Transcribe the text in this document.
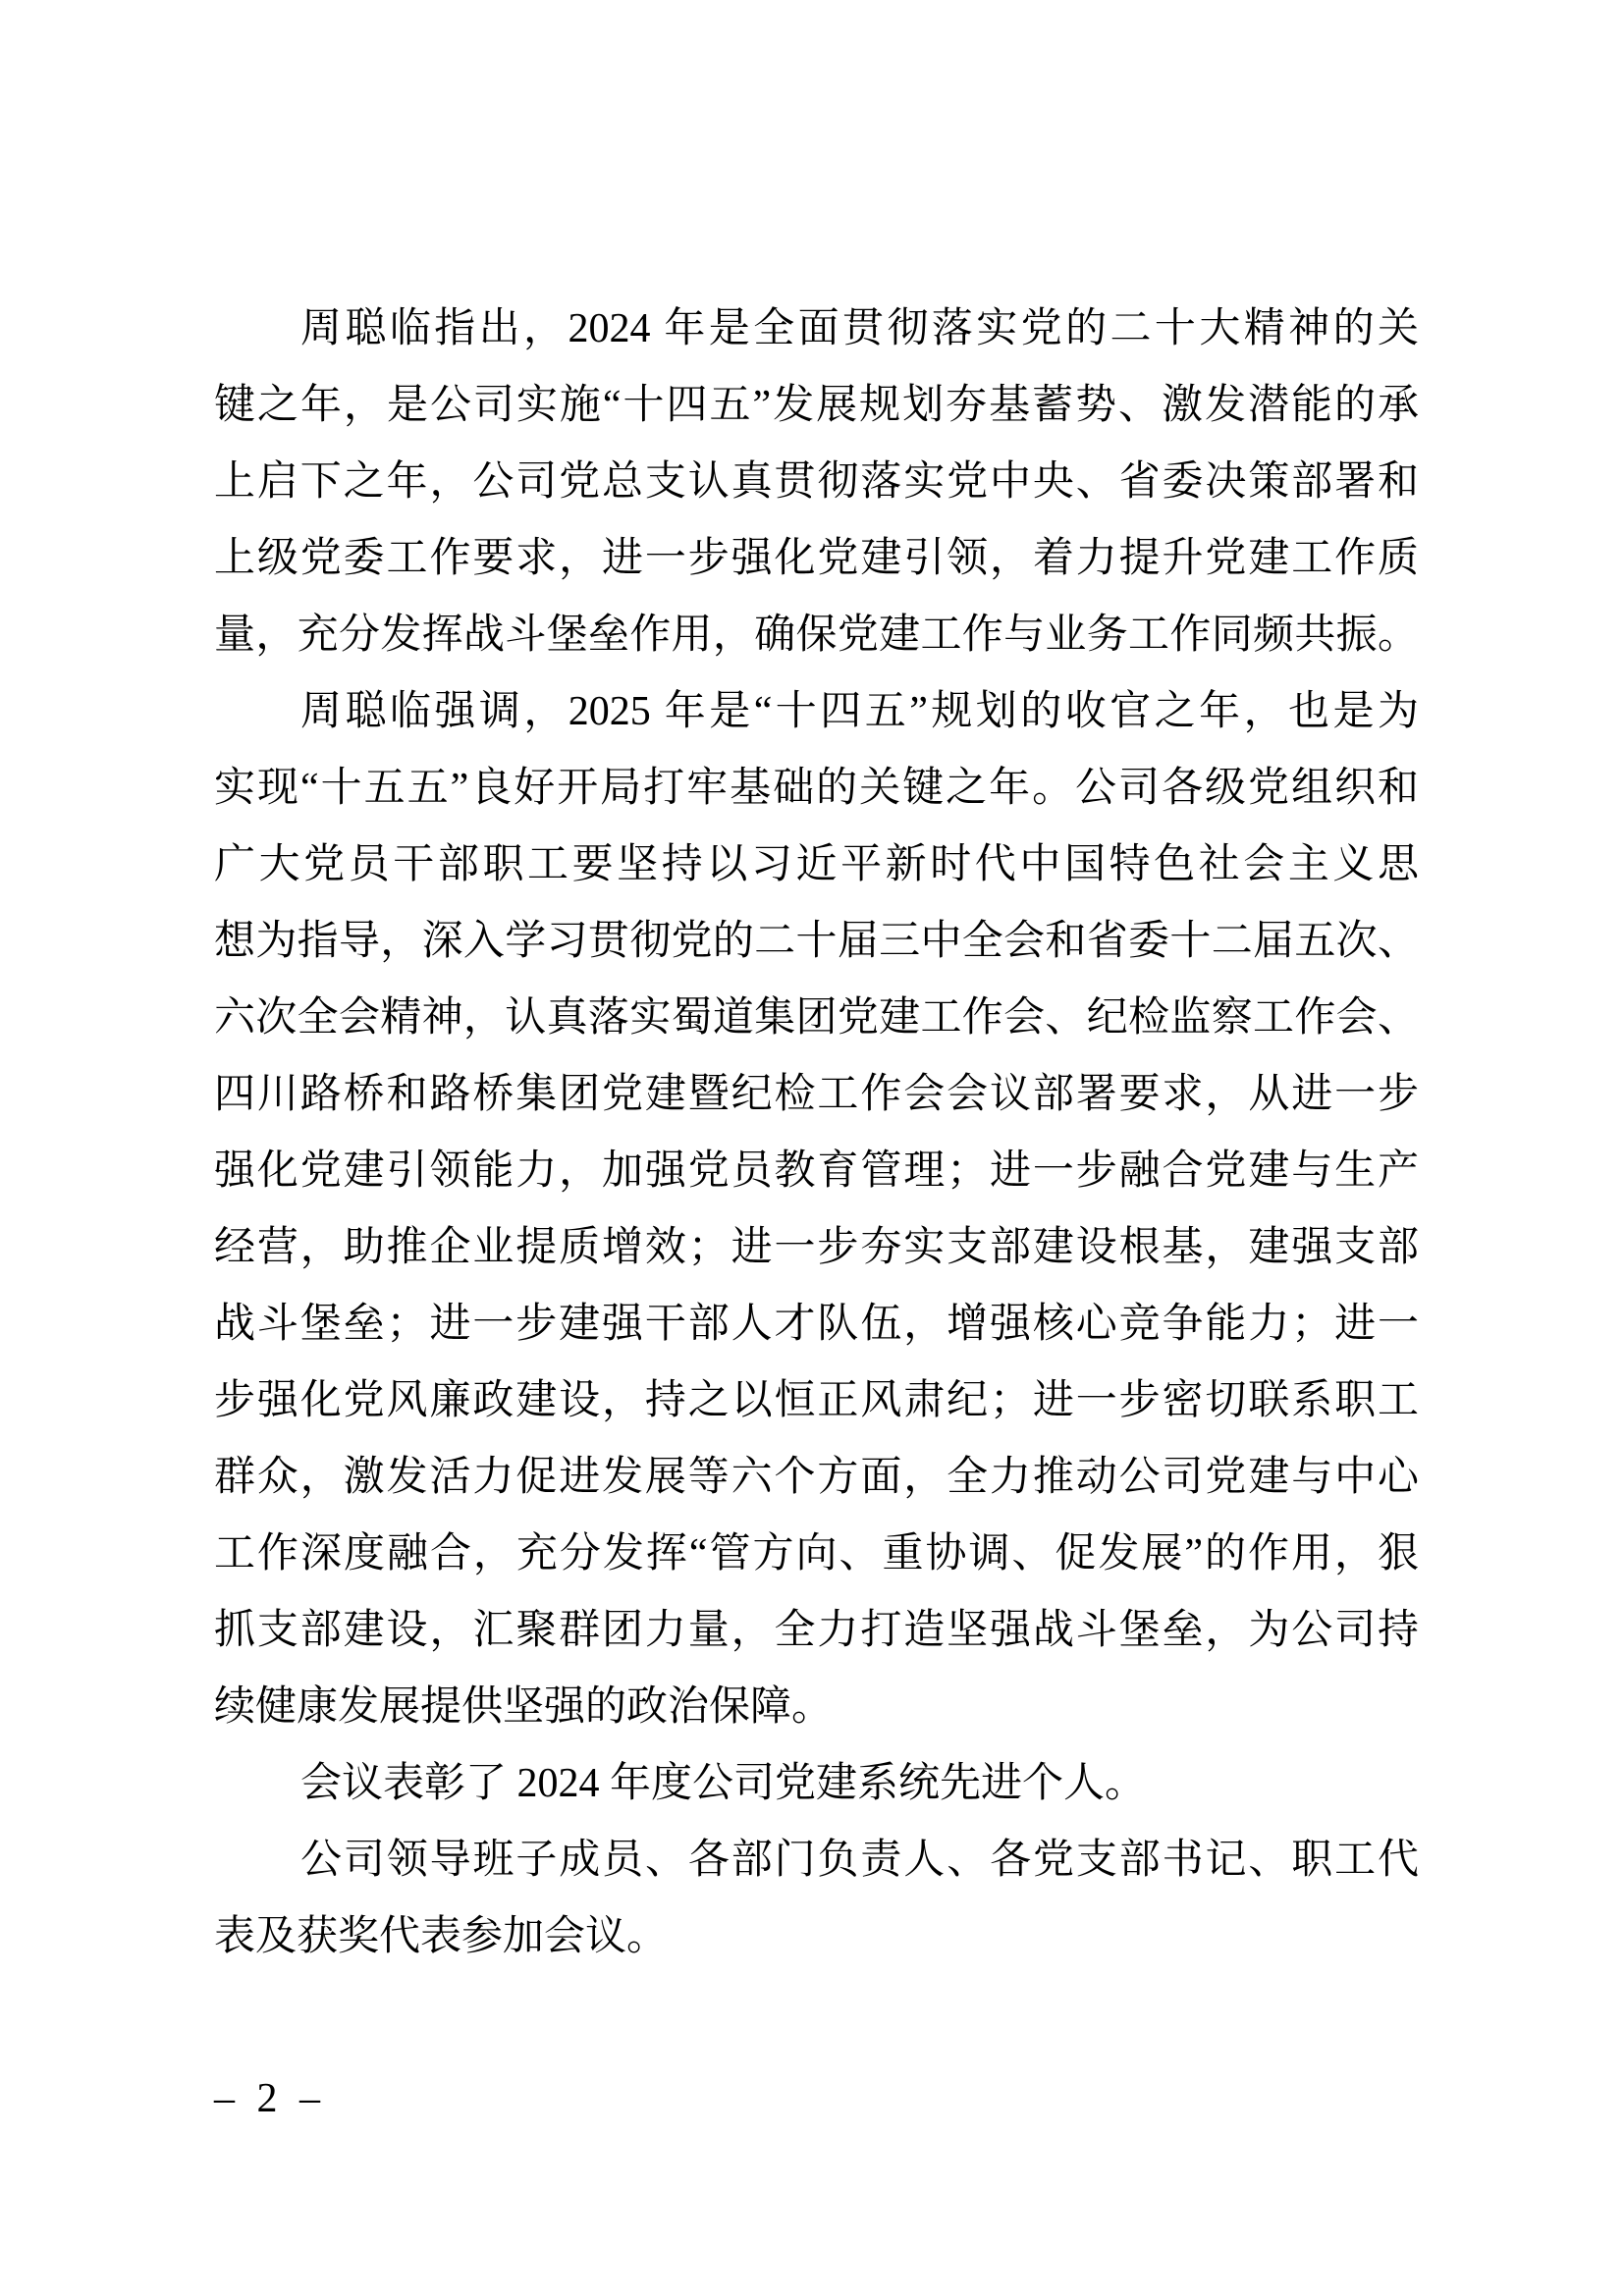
周聪临指出，2024 年是全面贯彻落实党的二十大精神的关
键之年，是公司实施“十四五”发展规划夯基蓄势、激发潜能的承
上启下之年，公司党总支认真贯彻落实党中央、省委决策部署和
上级党委工作要求，进一步强化党建引领，着力提升党建工作质
量，充分发挥战斗堡垒作用，确保党建工作与业务工作同频共振。
周聪临强调，2025 年是“十四五”规划的收官之年，也是为
实现“十五五”良好开局打牢基础的关键之年。公司各级党组织和
广大党员干部职工要坚持以习近平新时代中国特色社会主义思
想为指导，深入学习贯彻党的二十届三中全会和省委十二届五次、
六次全会精神，认真落实蜀道集团党建工作会、纪检监察工作会、
四川路桥和路桥集团党建暨纪检工作会会议部署要求，从进一步
强化党建引领能力，加强党员教育管理；进一步融合党建与生产
经营，助推企业提质增效；进一步夯实支部建设根基，建强支部
战斗堡垒；进一步建强干部人才队伍，增强核心竞争能力；进一
步强化党风廉政建设，持之以恒正风肃纪；进一步密切联系职工
群众，激发活力促进发展等六个方面，全力推动公司党建与中心
工作深度融合，充分发挥“管方向、重协调、促发展”的作用，狠
抓支部建设，汇聚群团力量，全力打造坚强战斗堡垒，为公司持
续健康发展提供坚强的政治保障。
会议表彰了 2024 年度公司党建系统先进个人。
公司领导班子成员、各部门负责人、各党支部书记、职工代
表及获奖代表参加会议。
– 2 –
